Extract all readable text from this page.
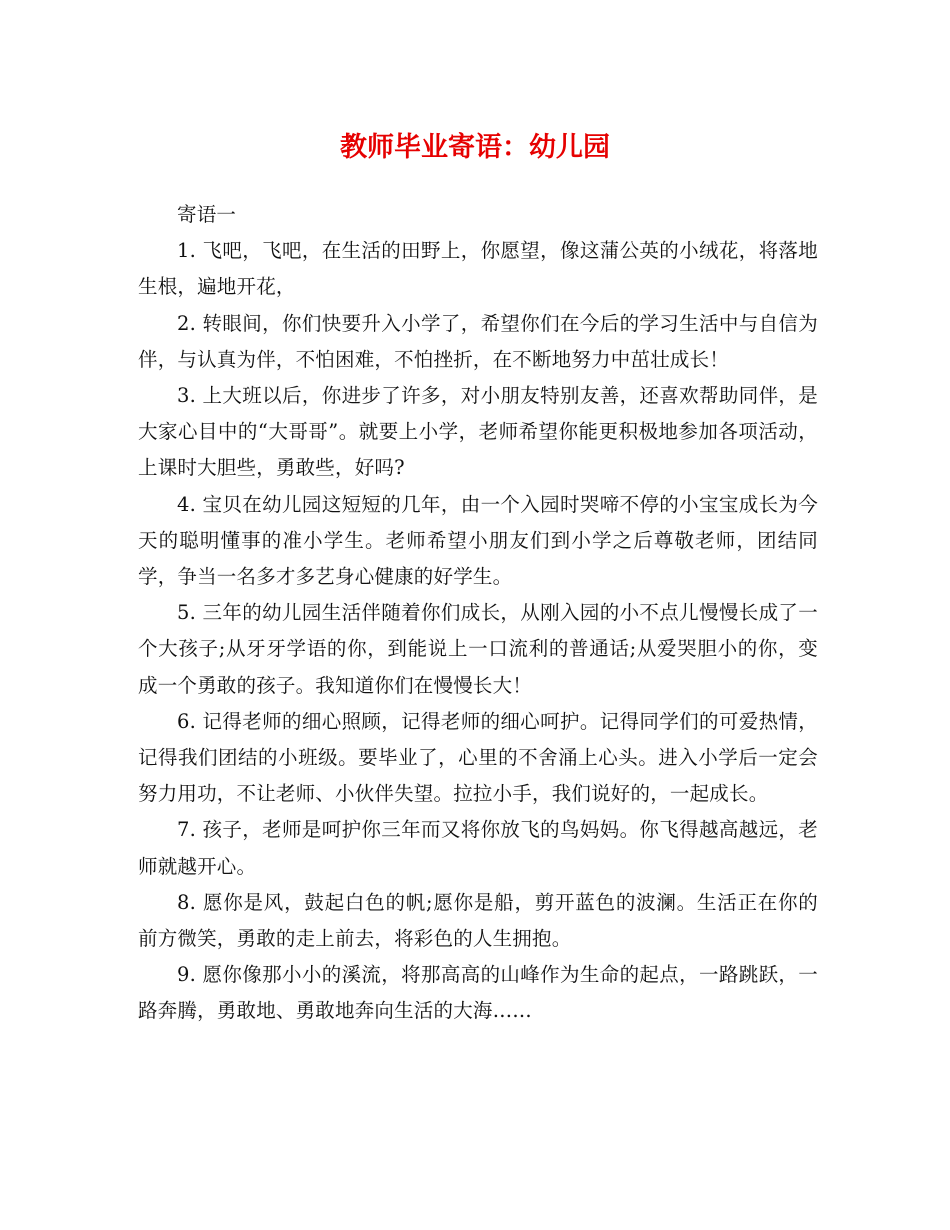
教师毕业寄语：幼儿园

寄语一

1. 飞吧，飞吧，在生活的田野上，你愿望，像这蒲公英的小绒花，将落地生根，遍地开花，

2. 转眼间，你们快要升入小学了，希望你们在今后的学习生活中与自信为伴，与认真为伴，不怕困难，不怕挫折，在不断地努力中茁壮成长！

3. 上大班以后，你进步了许多，对小朋友特别友善，还喜欢帮助同伴，是大家心目中的“大哥哥”。就要上小学，老师希望你能更积极地参加各项活动，上课时大胆些，勇敢些，好吗?

4. 宝贝在幼儿园这短短的几年，由一个入园时哭啼不停的小宝宝成长为今天的聪明懂事的准小学生。老师希望小朋友们到小学之后尊敬老师，团结同学，争当一名多才多艺身心健康的好学生。

5. 三年的幼儿园生活伴随着你们成长，从刚入园的小不点儿慢慢长成了一个大孩子;从牙牙学语的你，到能说上一口流利的普通话;从爱哭胆小的你，变成一个勇敢的孩子。我知道你们在慢慢长大！

6. 记得老师的细心照顾，记得老师的细心呵护。记得同学们的可爱热情，记得我们团结的小班级。要毕业了，心里的不舍涌上心头。进入小学后一定会努力用功，不让老师、小伙伴失望。拉拉小手，我们说好的，一起成长。

7. 孩子，老师是呵护你三年而又将你放飞的鸟妈妈。你飞得越高越远，老师就越开心。

8. 愿你是风，鼓起白色的帆;愿你是船，剪开蓝色的波澜。生活正在你的前方微笑，勇敢的走上前去，将彩色的人生拥抱。

9. 愿你像那小小的溪流，将那高高的山峰作为生命的起点，一路跳跃，一路奔腾，勇敢地、勇敢地奔向生活的大海……
